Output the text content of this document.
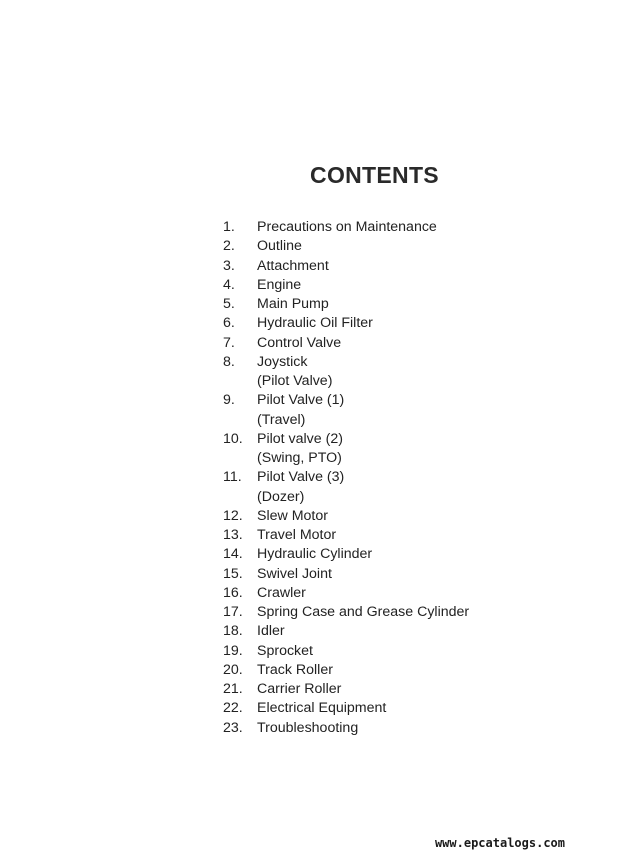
CONTENTS
1.	Precautions on Maintenance
2.	Outline
3.	Attachment
4.	Engine
5.	Main Pump
6.	Hydraulic Oil Filter
7.	Control Valve
8.	Joystick
(Pilot Valve)
9.	Pilot Valve (1)
(Travel)
10.	Pilot valve (2)
(Swing, PTO)
11.	Pilot Valve (3)
(Dozer)
12.	Slew Motor
13.	Travel Motor
14.	Hydraulic Cylinder
15.	Swivel Joint
16.	Crawler
17.	Spring Case and Grease Cylinder
18.	Idler
19.	Sprocket
20.	Track Roller
21.	Carrier Roller
22.	Electrical Equipment
23.	Troubleshooting
www.epcatalogs.com
